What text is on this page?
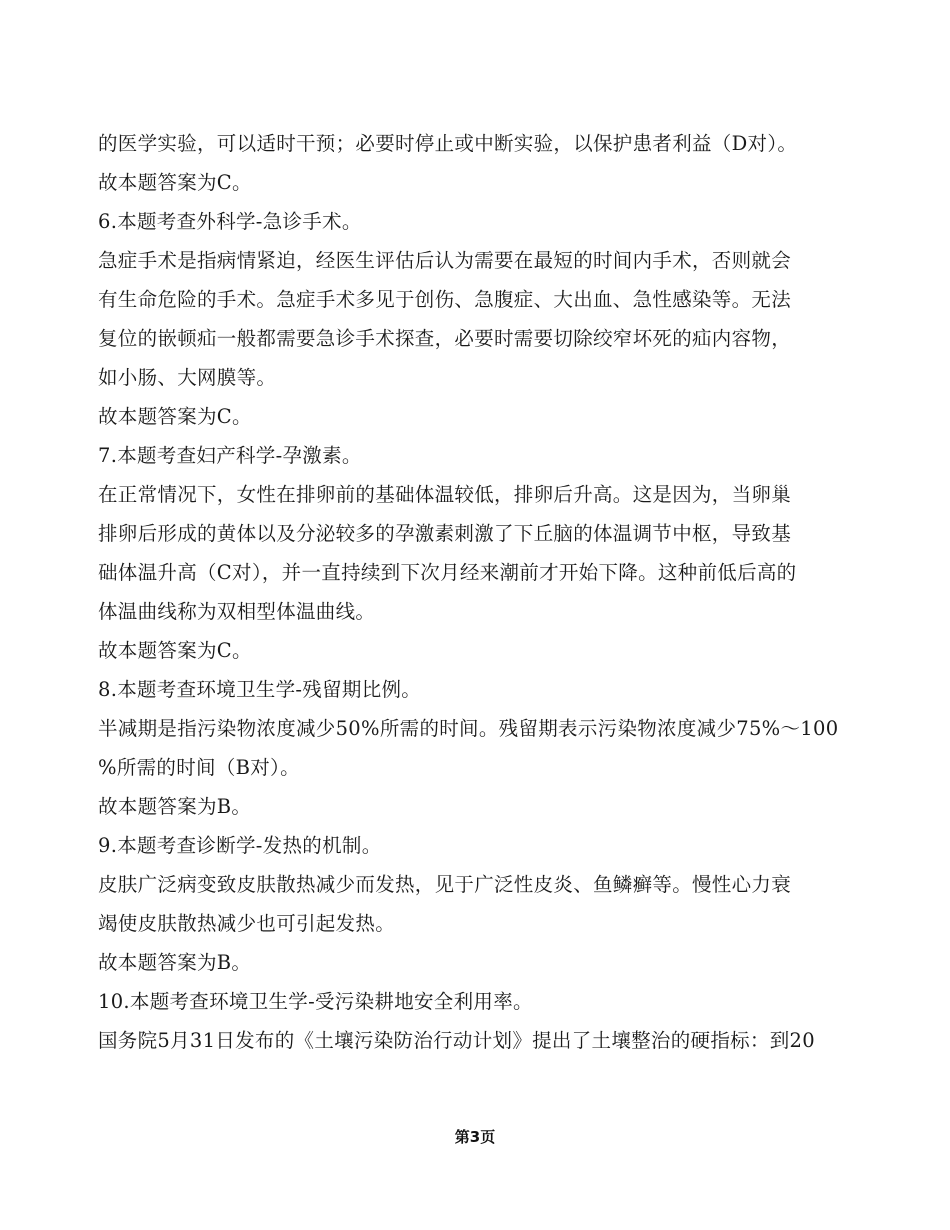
的医学实验，可以适时干预；必要时停止或中断实验，以保护患者利益（D对）。
故本题答案为C。
6.本题考查外科学-急诊手术。
急症手术是指病情紧迫，经医生评估后认为需要在最短的时间内手术，否则就会
有生命危险的手术。急症手术多见于创伤、急腹症、大出血、急性感染等。无法
复位的嵌顿疝一般都需要急诊手术探查，必要时需要切除绞窄坏死的疝内容物，
如小肠、大网膜等。
故本题答案为C。
7.本题考查妇产科学-孕激素。
在正常情况下，女性在排卵前的基础体温较低，排卵后升高。这是因为，当卵巢
排卵后形成的黄体以及分泌较多的孕激素刺激了下丘脑的体温调节中枢，导致基
础体温升高（C对），并一直持续到下次月经来潮前才开始下降。这种前低后高的
体温曲线称为双相型体温曲线。
故本题答案为C。
8.本题考查环境卫生学-残留期比例。
半减期是指污染物浓度减少50%所需的时间。残留期表示污染物浓度减少75%～100
%所需的时间（B对）。
故本题答案为B。
9.本题考查诊断学-发热的机制。
皮肤广泛病变致皮肤散热减少而发热，见于广泛性皮炎、鱼鳞癣等。慢性心力衰
竭使皮肤散热减少也可引起发热。
故本题答案为B。
10.本题考查环境卫生学-受污染耕地安全利用率。
国务院5月31日发布的《土壤污染防治行动计划》提出了土壤整治的硬指标：到20
第3页
